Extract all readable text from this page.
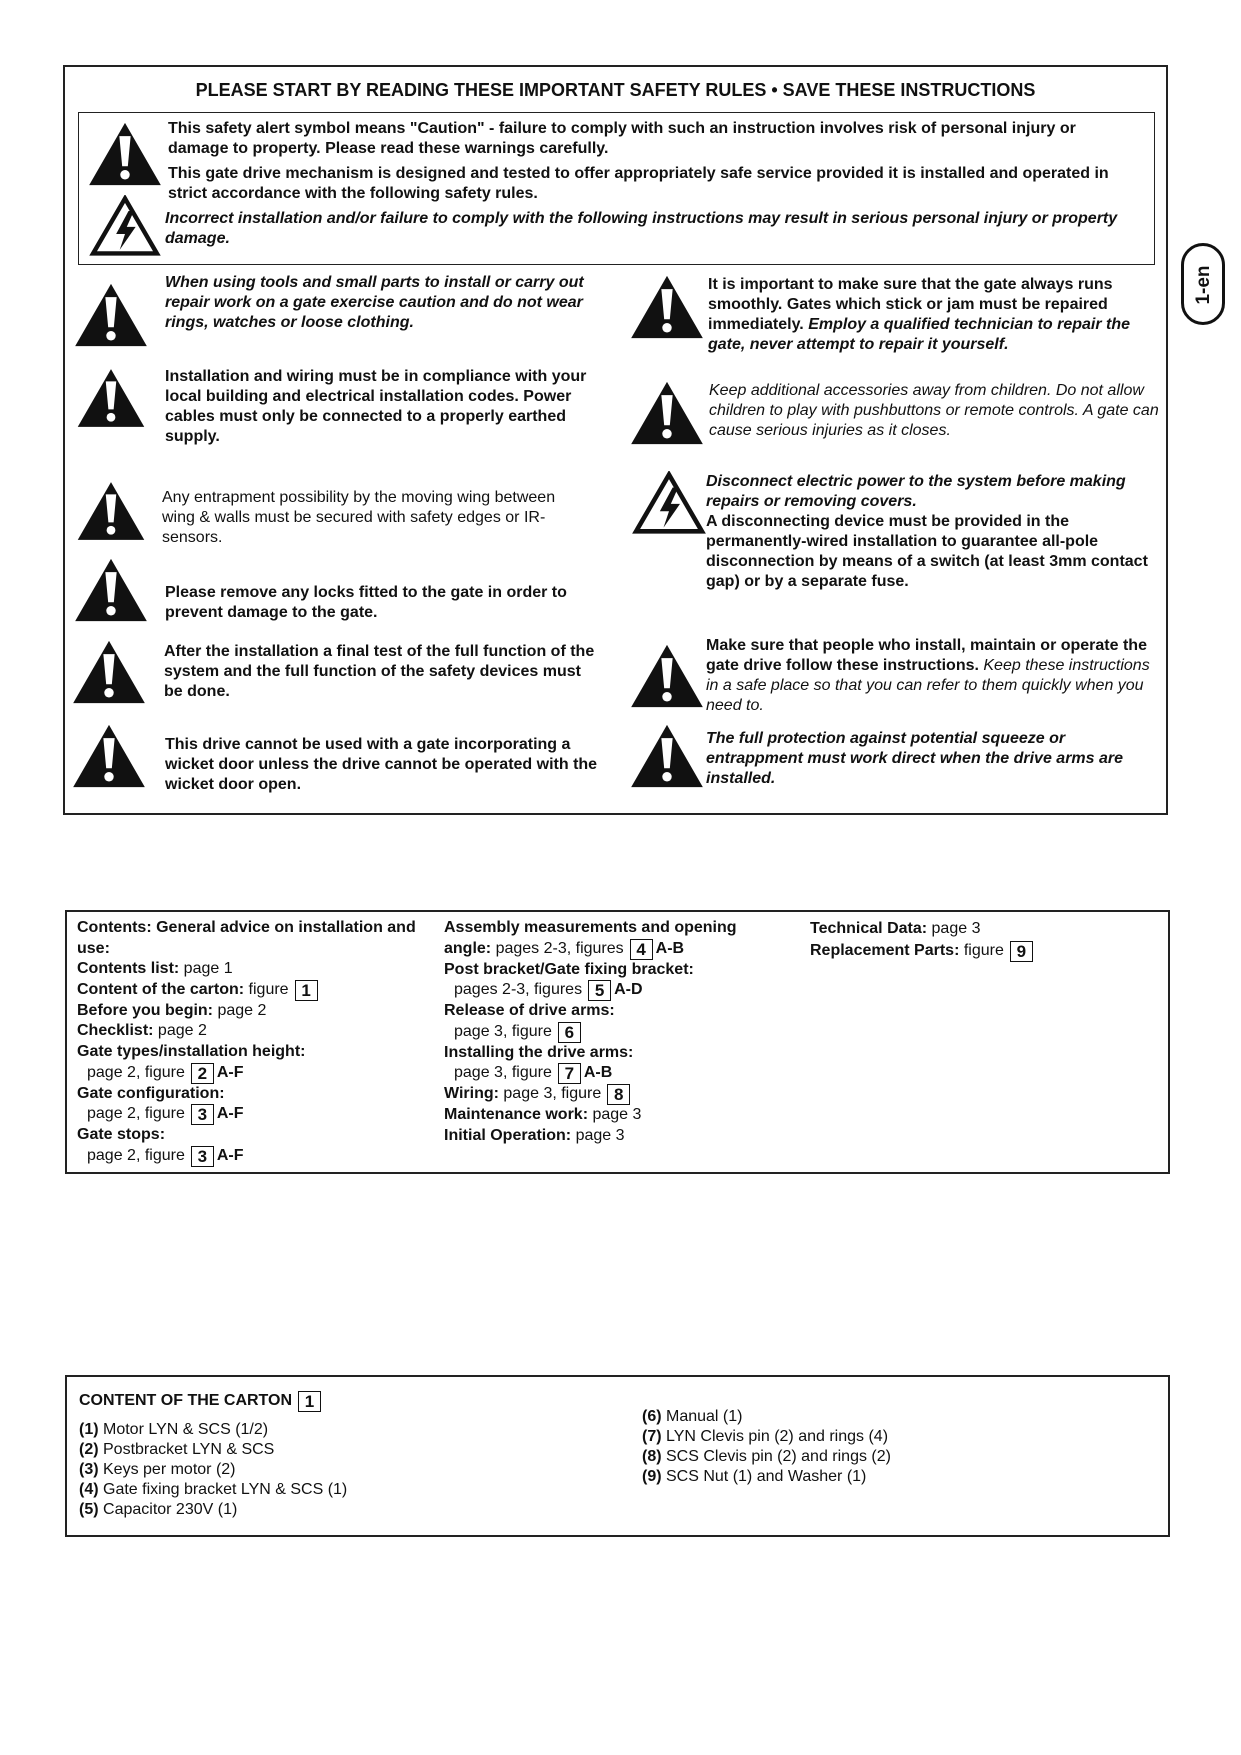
PLEASE START BY READING THESE IMPORTANT SAFETY RULES • SAVE THESE INSTRUCTIONS
This safety alert symbol means "Caution" - failure to comply with such an instruction involves risk of personal injury or damage to property. Please read these warnings carefully.
This gate drive mechanism is designed and tested to offer appropriately safe service provided it is installed and operated in strict accordance with the following safety rules.
Incorrect installation and/or failure to comply with the following instructions may result in serious personal injury or property damage.
When using tools and small parts to install or carry out repair work on a gate exercise caution and do not wear rings, watches or loose clothing.
Installation and wiring must be in compliance with your local building and electrical installation codes. Power cables must only be connected to a properly earthed supply.
Any entrapment possibility by the moving wing between wing & walls must be secured with safety edges or IR-sensors.
Please remove any locks fitted to the gate in order to prevent damage to the gate.
After the installation a final test of the full function of the system and the full function of the safety devices must be done.
This drive cannot be used with a gate incorporating a wicket door unless the drive cannot be operated with the wicket door open.
It is important to make sure that the gate always runs smoothly. Gates which stick or jam must be repaired immediately. Employ a qualified technician to repair the gate, never attempt to repair it yourself.
Keep additional accessories away from children. Do not allow children to play with pushbuttons or remote controls. A gate can cause serious injuries as it closes.
Disconnect electric power to the system before making repairs or removing covers.
A disconnecting device must be provided in the permanently-wired installation to guarantee all-pole disconnection by means of a switch (at least 3mm contact gap) or by a separate fuse.
Make sure that people who install, maintain or operate the gate drive follow these instructions. Keep these instructions in a safe place so that you can refer to them quickly when you need to.
The full protection against potential squeeze or entrappment must work direct when the drive arms are installed.
1-en
Contents: General advice on installation and use:
Contents list: page 1
Content of the carton: figure 1
Before you begin: page 2
Checklist: page 2
Gate types/installation height:
page 2, figure 2 A-F
Gate configuration:
page 2, figure 3 A-F
Gate stops:
page 2, figure 3 A-F
Assembly measurements and opening
angle: pages 2-3, figures 4 A-B
Post bracket/Gate fixing bracket:
pages 2-3, figures 5 A-D
Release of drive arms:
page 3, figure 6
Installing the drive arms:
page 3, figure 7 A-B
Wiring: page 3, figure 8
Maintenance work: page 3
Initial Operation: page 3
Technical Data: page 3
Replacement Parts: figure 9
CONTENT OF THE CARTON 1
(1) Motor LYN & SCS (1/2)
(2) Postbracket LYN & SCS
(3) Keys per motor (2)
(4) Gate fixing bracket LYN & SCS (1)
(5) Capacitor 230V (1)
(6) Manual (1)
(7) LYN Clevis pin (2) and rings (4)
(8) SCS Clevis pin (2) and rings (2)
(9) SCS Nut (1) and Washer (1)
